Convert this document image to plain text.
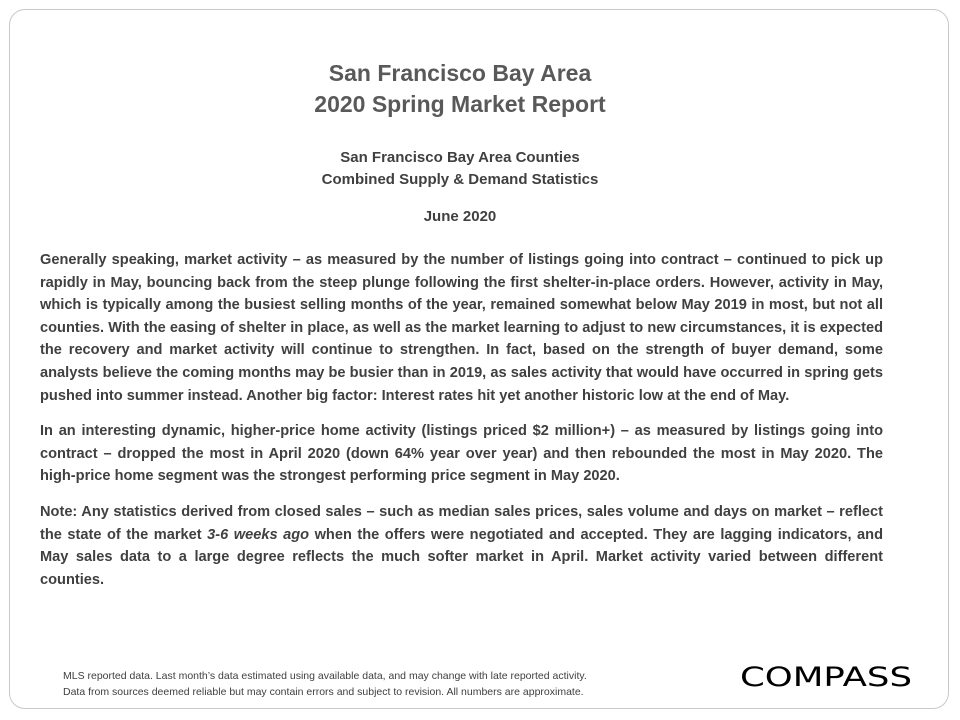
San Francisco Bay Area
2020 Spring Market Report
San Francisco Bay Area Counties
Combined Supply & Demand Statistics
June 2020

Generally speaking, market activity – as measured by the number of listings going into contract – continued to pick up rapidly in May, bouncing back from the steep plunge following the first shelter-in-place orders. However, activity in May, which is typically among the busiest selling months of the year, remained somewhat below May 2019 in most, but not all counties. With the easing of shelter in place, as well as the market learning to adjust to new circumstances, it is expected the recovery and market activity will continue to strengthen. In fact, based on the strength of buyer demand, some analysts believe the coming months may be busier than in 2019, as sales activity that would have occurred in spring gets pushed into summer instead. Another big factor: Interest rates hit yet another historic low at the end of May.

In an interesting dynamic, higher-price home activity (listings priced $2 million+) – as measured by listings going into contract – dropped the most in April 2020 (down 64% year over year) and then rebounded the most in May 2020. The high-price home segment was the strongest performing price segment in May 2020.

Note: Any statistics derived from closed sales – such as median sales prices, sales volume and days on market – reflect the state of the market 3-6 weeks ago when the offers were negotiated and accepted. They are lagging indicators, and May sales data to a large degree reflects the much softer market in April. Market activity varied between different counties.

MLS reported data. Last month’s data estimated using available data, and may change with late reported activity.
Data from sources deemed reliable but may contain errors and subject to revision. All numbers are approximate.	COMPASS
